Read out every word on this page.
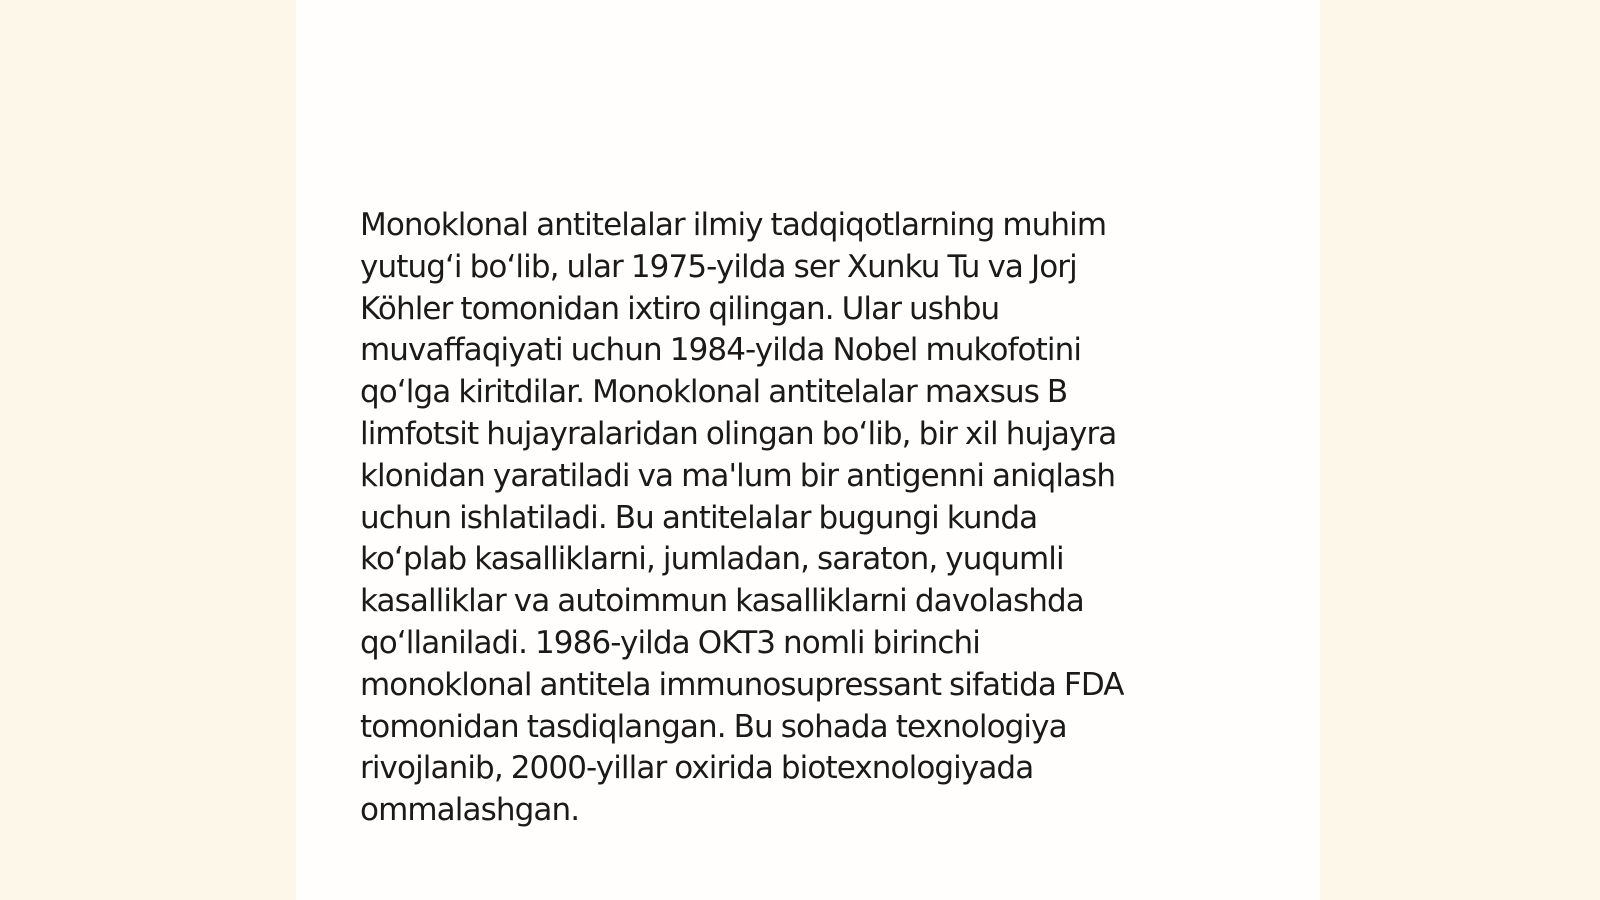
Monoklonal antitelalar ilmiy tadqiqotlarning muhim
yutug‘i bo‘lib, ular 1975-yilda ser Xunku Tu va Jorj
Köhler tomonidan ixtiro qilingan. Ular ushbu
muvaffaqiyati uchun 1984-yilda Nobel mukofotini
qo‘lga kiritdilar. Monoklonal antitelalar maxsus B
limfotsit hujayralaridan olingan bo‘lib, bir xil hujayra
klonidan yaratiladi va ma'lum bir antigenni aniqlash
uchun ishlatiladi. Bu antitelalar bugungi kunda
ko‘plab kasalliklarni, jumladan, saraton, yuqumli
kasalliklar va autoimmun kasalliklarni davolashda
qo‘llaniladi. 1986-yilda OKT3 nomli birinchi
monoklonal antitela immunosupressant sifatida FDA
tomonidan tasdiqlangan. Bu sohada texnologiya
rivojlanib, 2000-yillar oxirida biotexnologiyada
ommalashgan.
